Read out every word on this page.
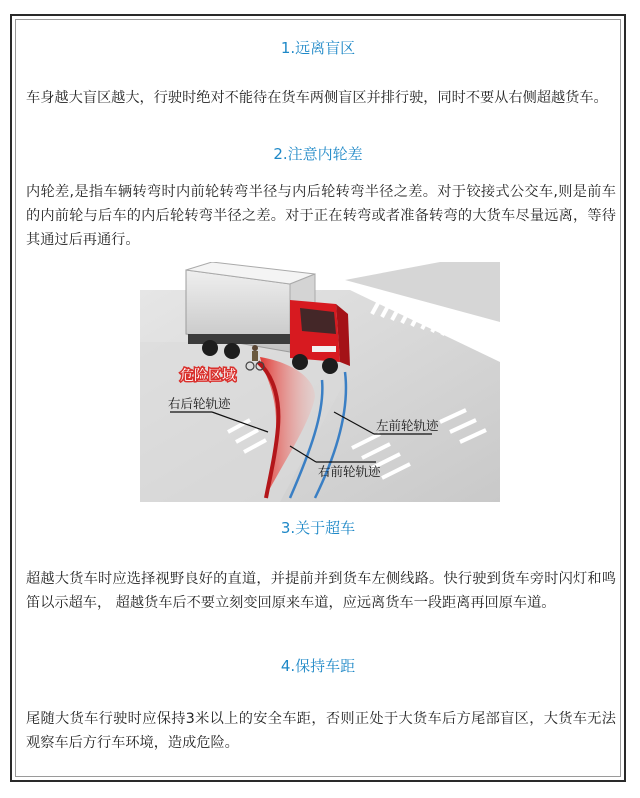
1.远离盲区
车身越大盲区越大，行驶时绝对不能待在货车两侧盲区并排行驶，同时不要从右侧超越货车。
2.注意内轮差
内轮差,是指车辆转弯时内前轮转弯半径与内后轮转弯半径之差。对于铰接式公交车,则是前车的内前轮与后车的内后轮转弯半径之差。对于正在转弯或者准备转弯的大货车尽量远离，等待其通过后再通行。
危险区域
右后轮轨迹
左前轮轨迹
右前轮轨迹
3.关于超车
超越大货车时应选择视野良好的直道，并提前并到货车左侧线路。快行驶到货车旁时闪灯和鸣笛以示超车， 超越货车后不要立刻变回原来车道，应远离货车一段距离再回原车道。
4.保持车距
尾随大货车行驶时应保持3米以上的安全车距，否则正处于大货车后方尾部盲区，大货车无法观察车后方行车环境，造成危险。
